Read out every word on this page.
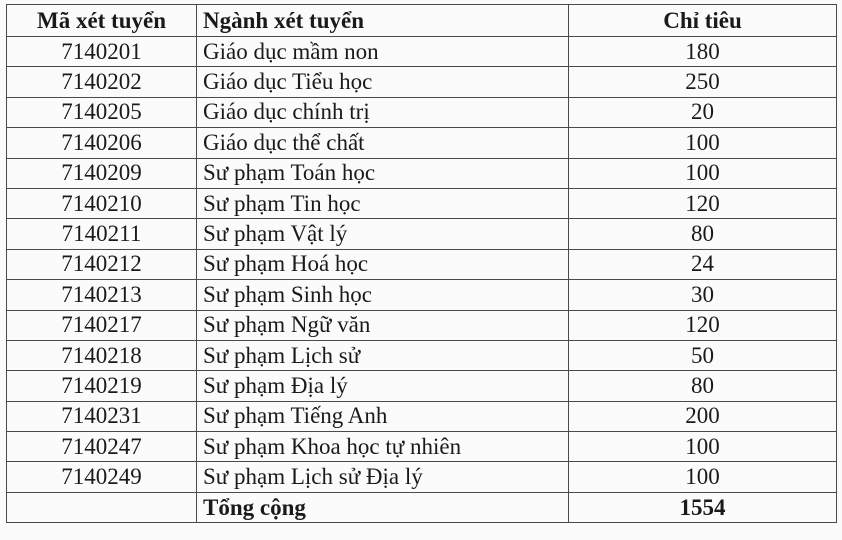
Mã xét tuyển	Ngành xét tuyển	Chỉ tiêu
7140201	Giáo dục mầm non	180
7140202	Giáo dục Tiểu học	250
7140205	Giáo dục chính trị	20
7140206	Giáo dục thể chất	100
7140209	Sư phạm Toán học	100
7140210	Sư phạm Tin học	120
7140211	Sư phạm Vật lý	80
7140212	Sư phạm Hoá học	24
7140213	Sư phạm Sinh học	30
7140217	Sư phạm Ngữ văn	120
7140218	Sư phạm Lịch sử	50
7140219	Sư phạm Địa lý	80
7140231	Sư phạm Tiếng Anh	200
7140247	Sư phạm Khoa học tự nhiên	100
7140249	Sư phạm Lịch sử Địa lý	100
	Tổng cộng	1554
